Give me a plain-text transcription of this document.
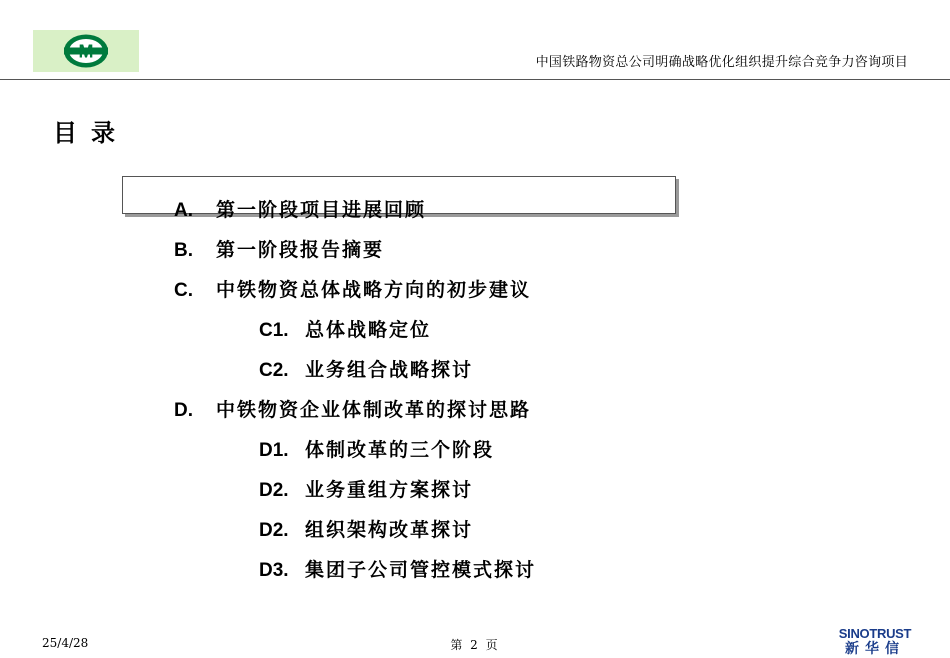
M
中国铁路物资总公司明确战略优化组织提升综合竞争力咨询项目
目录
A. 第一阶段项目进展回顾
B. 第一阶段报告摘要
C. 中铁物资总体战略方向的初步建议
C1. 总体战略定位
C2. 业务组合战略探讨
D. 中铁物资企业体制改革的探讨思路
D1. 体制改革的三个阶段
D2. 业务重组方案探讨
D2. 组织架构改革探讨
D3. 集团子公司管控模式探讨
25/4/28	第 2 页
SINOTRUST
新华信
